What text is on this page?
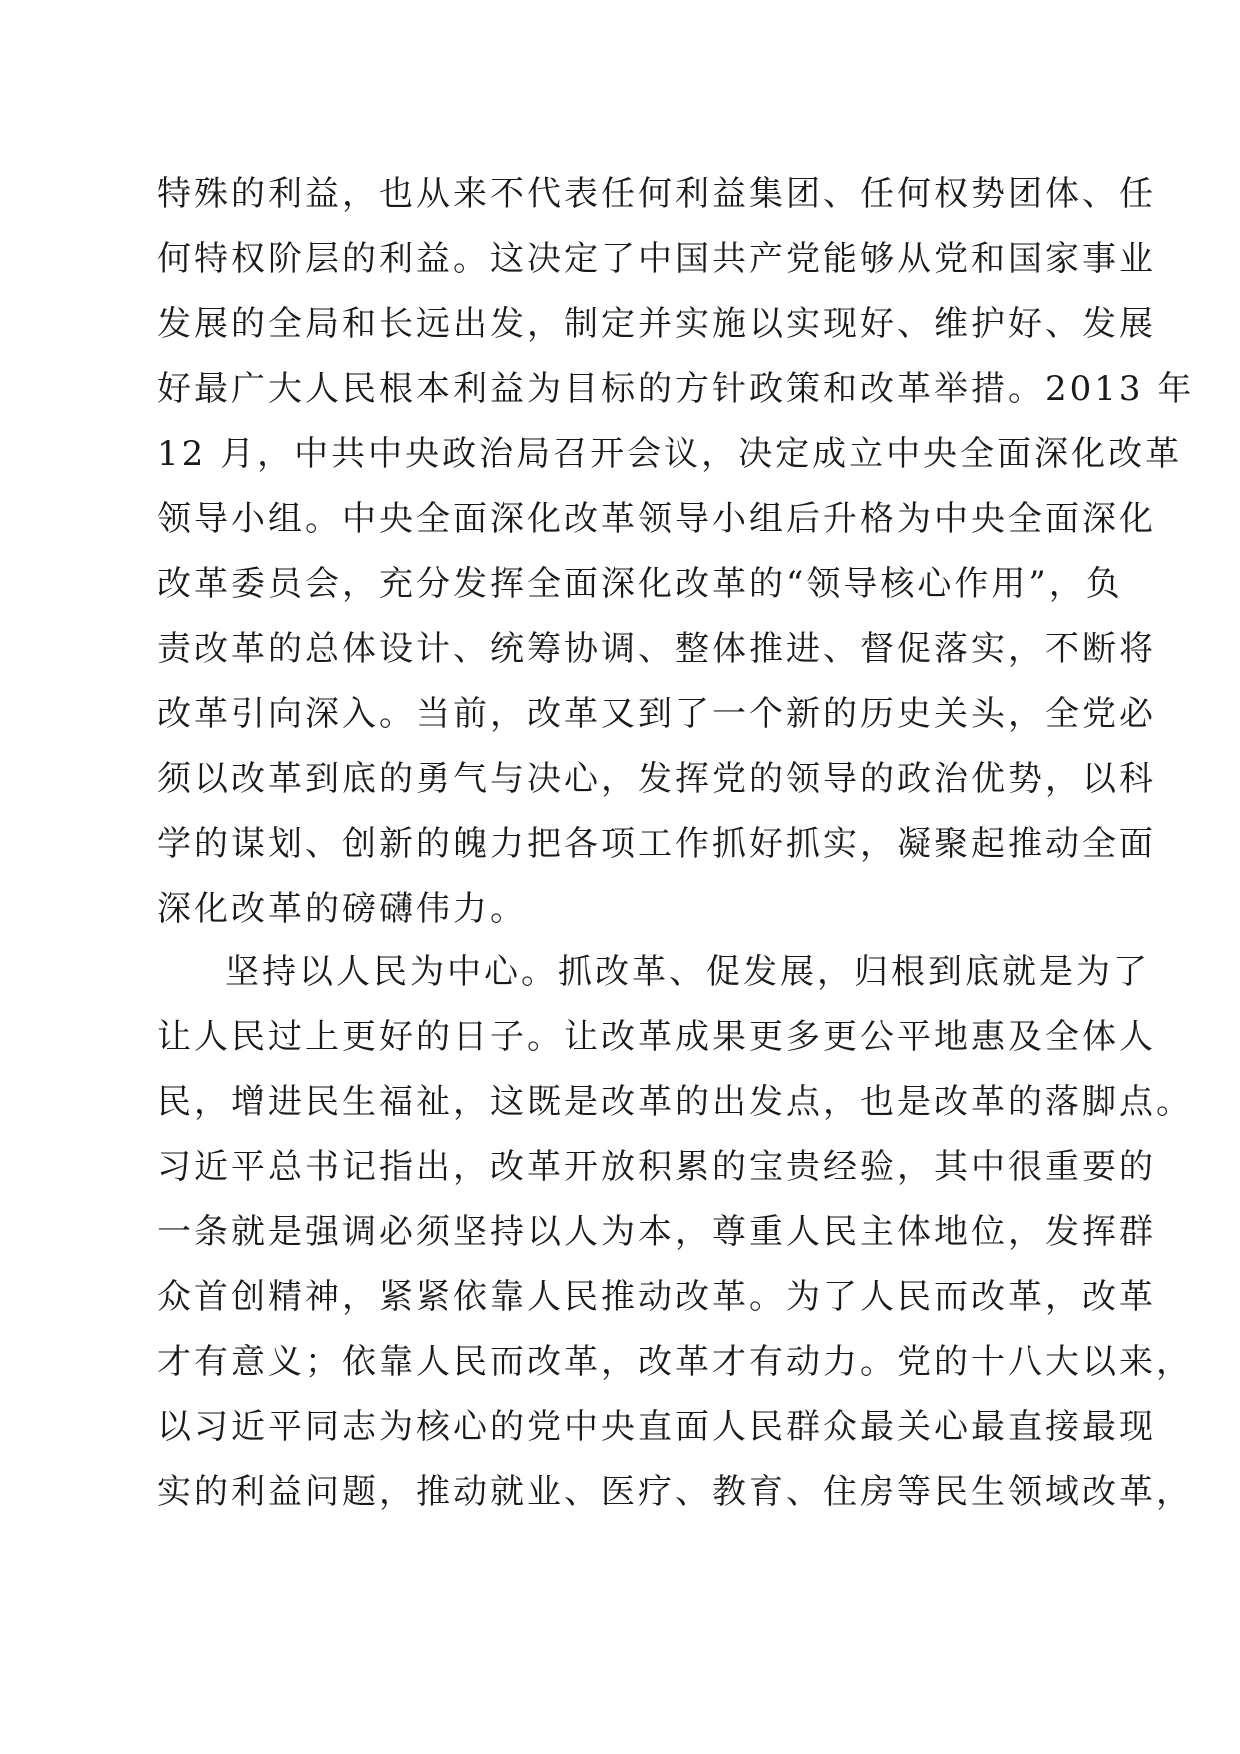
特殊的利益，也从来不代表任何利益集团、任何权势团体、任
何特权阶层的利益。这决定了中国共产党能够从党和国家事业
发展的全局和长远出发，制定并实施以实现好、维护好、发展
好最广大人民根本利益为目标的方针政策和改革举措。2013 年
12 月，中共中央政治局召开会议，决定成立中央全面深化改革
领导小组。中央全面深化改革领导小组后升格为中央全面深化
改革委员会，充分发挥全面深化改革的“领导核心作用”，负
责改革的总体设计、统筹协调、整体推进、督促落实，不断将
改革引向深入。当前，改革又到了一个新的历史关头，全党必
须以改革到底的勇气与决心，发挥党的领导的政治优势，以科
学的谋划、创新的魄力把各项工作抓好抓实，凝聚起推动全面
深化改革的磅礴伟力。
坚持以人民为中心。抓改革、促发展，归根到底就是为了
让人民过上更好的日子。让改革成果更多更公平地惠及全体人
民，增进民生福祉，这既是改革的出发点，也是改革的落脚点。
习近平总书记指出，改革开放积累的宝贵经验，其中很重要的
一条就是强调必须坚持以人为本，尊重人民主体地位，发挥群
众首创精神，紧紧依靠人民推动改革。为了人民而改革，改革
才有意义；依靠人民而改革，改革才有动力。党的十八大以来，
以习近平同志为核心的党中央直面人民群众最关心最直接最现
实的利益问题，推动就业、医疗、教育、住房等民生领域改革，
